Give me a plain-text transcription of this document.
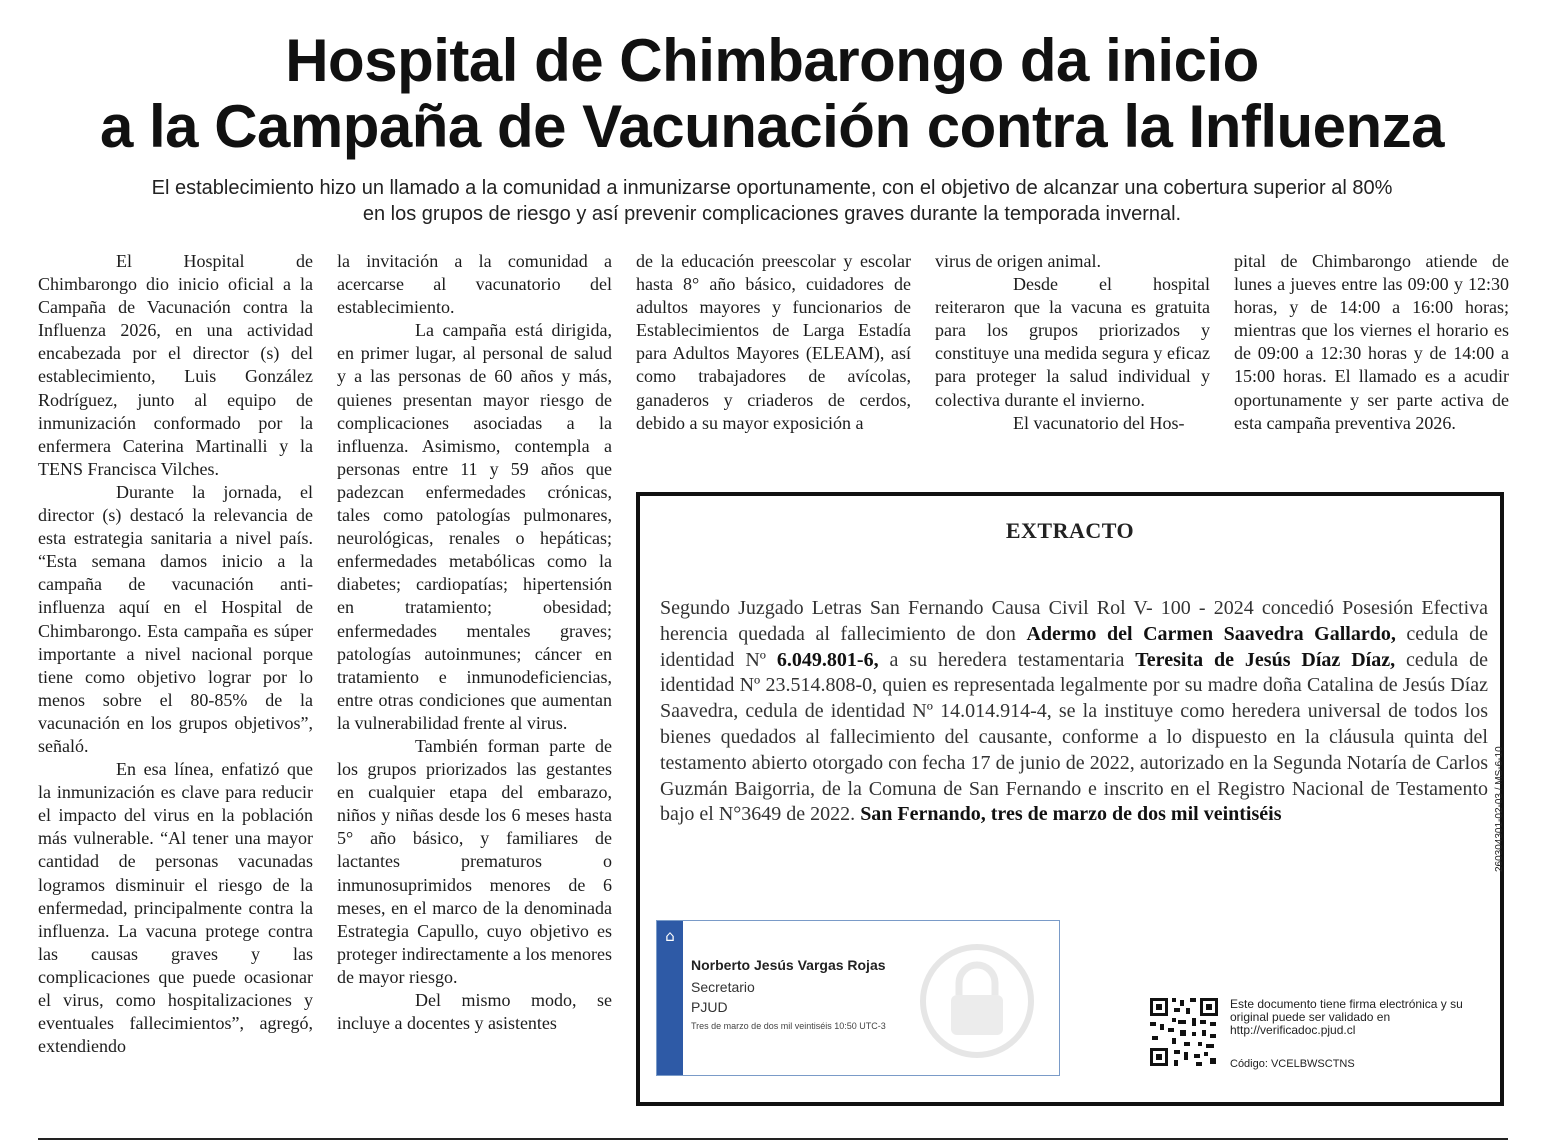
Hospital de Chimbarongo da inicio
a la Campaña de Vacunación contra la Influenza

El establecimiento hizo un llamado a la comunidad a inmunizarse oportunamente, con el objetivo de alcanzar una cobertura superior al 80% en los grupos de riesgo y así prevenir complicaciones graves durante la temporada invernal.

El Hospital de Chimbarongo dio inicio oficial a la Campaña de Vacunación contra la Influenza 2026, en una actividad encabezada por el director (s) del establecimiento, Luis González Rodríguez, junto al equipo de inmunización conformado por la enfermera Caterina Martinalli y la TENS Francisca Vilches.

Durante la jornada, el director (s) destacó la relevancia de esta estrategia sanitaria a nivel país. “Esta semana damos inicio a la campaña de vacunación anti-influenza aquí en el Hospital de Chimbarongo. Esta campaña es súper importante a nivel nacional porque tiene como objetivo lograr por lo menos sobre el 80-85% de la vacunación en los grupos objetivos”, señaló.

En esa línea, enfatizó que la inmunización es clave para reducir el impacto del virus en la población más vulnerable. “Al tener una mayor cantidad de personas vacunadas logramos disminuir el riesgo de la enfermedad, principalmente contra la influenza. La vacuna protege contra las causas graves y las complicaciones que puede ocasionar el virus, como hospitalizaciones y eventuales fallecimientos”, agregó, extendiendo

la invitación a la comunidad a acercarse al vacunatorio del establecimiento.

La campaña está dirigida, en primer lugar, al personal de salud y a las personas de 60 años y más, quienes presentan mayor riesgo de complicaciones asociadas a la influenza. Asimismo, contempla a personas entre 11 y 59 años que padezcan enfermedades crónicas, tales como patologías pulmonares, neurológicas, renales o hepáticas; enfermedades metabólicas como la diabetes; cardiopatías; hipertensión en tratamiento; obesidad; enfermedades mentales graves; patologías autoinmunes; cáncer en tratamiento e inmunodeficiencias, entre otras condiciones que aumentan la vulnerabilidad frente al virus.

También forman parte de los grupos priorizados las gestantes en cualquier etapa del embarazo, niños y niñas desde los 6 meses hasta 5° año básico, y familiares de lactantes prematuros o inmunosuprimidos menores de 6 meses, en el marco de la denominada Estrategia Capullo, cuyo objetivo es proteger indirectamente a los menores de mayor riesgo.

Del mismo modo, se incluye a docentes y asistentes

de la educación preescolar y escolar hasta 8° año básico, cuidadores de adultos mayores y funcionarios de Establecimientos de Larga Estadía para Adultos Mayores (ELEAM), así como trabajadores de avícolas, ganaderos y criaderos de cerdos, debido a su mayor exposición a

virus de origen animal.

Desde el hospital reiteraron que la vacuna es gratuita para los grupos priorizados y constituye una medida segura y eficaz para proteger la salud individual y colectiva durante el invierno.

El vacunatorio del Hos-

pital de Chimbarongo atiende de lunes a jueves entre las 09:00 y 12:30 horas, y de 14:00 a 16:00 horas; mientras que los viernes el horario es de 09:00 a 12:30 horas y de 14:00 a 15:00 horas. El llamado es a acudir oportunamente y ser parte activa de esta campaña preventiva 2026.

EXTRACTO
Segundo Juzgado Letras San Fernando Causa Civil Rol V- 100 - 2024 concedió Posesión Efectiva herencia quedada al fallecimiento de don Adermo del Carmen Saavedra Gallardo, cedula de identidad Nº 6.049.801-6, a su heredera testamentaria Teresita de Jesús Díaz Díaz, cedula de identidad Nº 23.514.808-0, quien es representada legalmente por su madre doña Catalina de Jesús Díaz Saavedra, cedula de identidad Nº 14.014.914-4, se la instituye como heredera universal de todos los bienes quedados al fallecimiento del causante, conforme a lo dispuesto en la cláusula quinta del testamento abierto otorgado con fecha 17 de junio de 2022, autorizado en la Segunda Notaría de Carlos Guzmán Baigorria, de la Comuna de San Fernando e inscrito en el Registro Nacional de Testamento bajo el N°3649 de 2022. San Fernando, tres de marzo de dos mil veintiséis
⌂
Norberto Jesús Vargas Rojas
Secretario
PJUD
Tres de marzo de dos mil veintiséis 10:50 UTC-3
Este documento tiene firma electrónica y su original puede ser validado en http://verificadoc.pjud.cl
Código: VCELBWSCTNS
260304301-02-03 / MS-6-10
